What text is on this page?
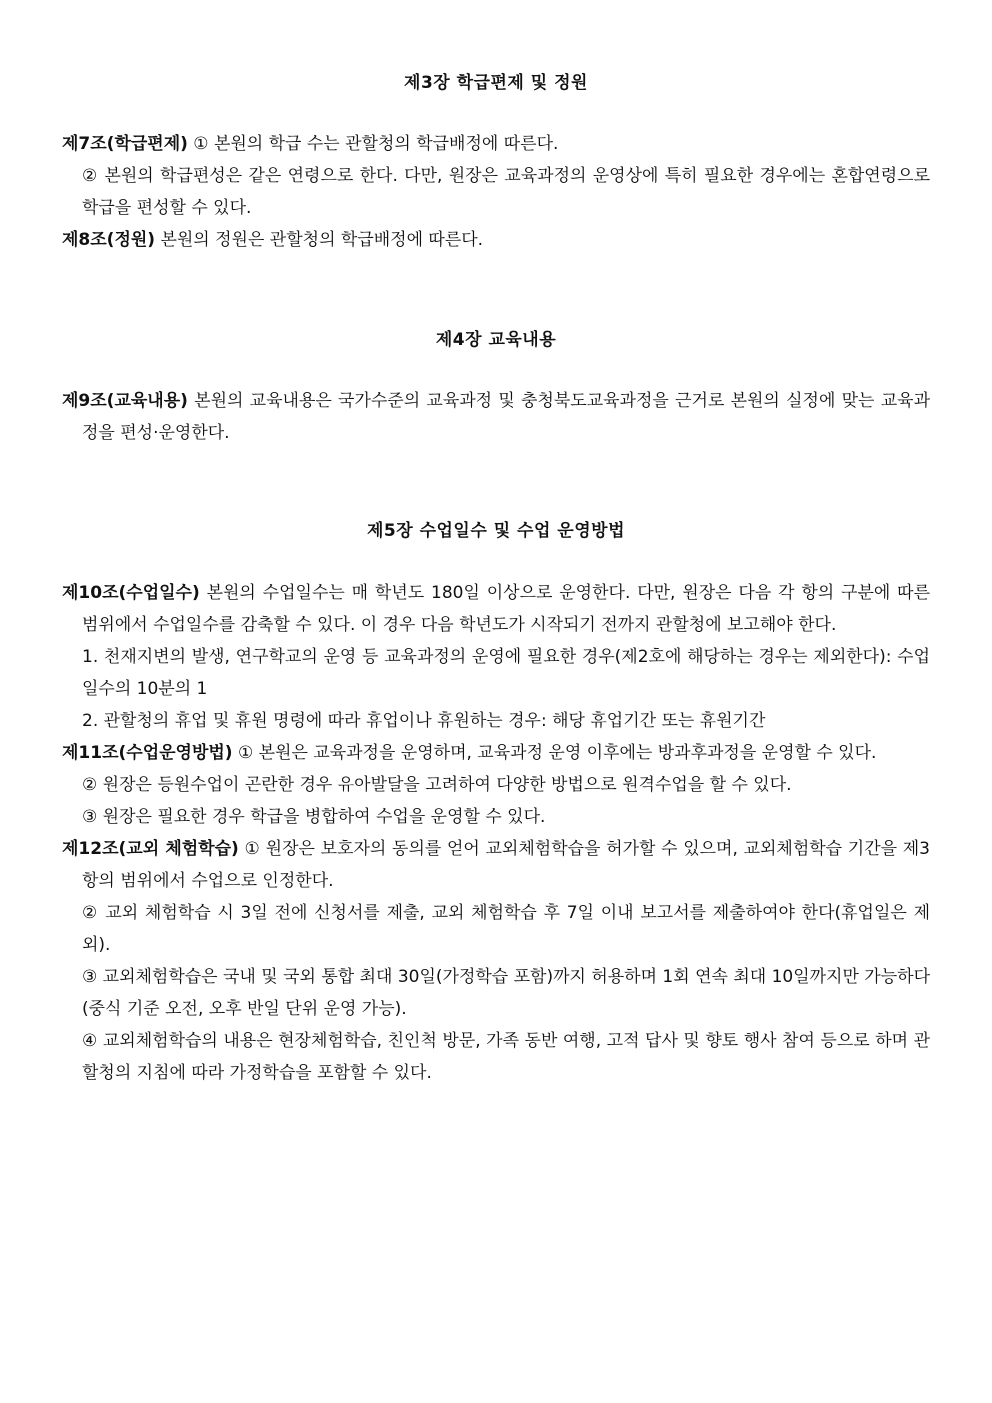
제3장 학급편제 및 정원

제7조(학급편제) ① 본원의 학급 수는 관할청의 학급배정에 따른다.

② 본원의 학급편성은 같은 연령으로 한다. 다만, 원장은 교육과정의 운영상에 특히 필요한 경우에는 혼합연령으로 학급을 편성할 수 있다.

제8조(정원) 본원의 정원은 관할청의 학급배정에 따른다.

제4장 교육내용

제9조(교육내용) 본원의 교육내용은 국가수준의 교육과정 및 충청북도교육과정을 근거로 본원의 실정에 맞는 교육과정을 편성·운영한다.

제5장 수업일수 및 수업 운영방법

제10조(수업일수) 본원의 수업일수는 매 학년도 180일 이상으로 운영한다. 다만, 원장은 다음 각 항의 구분에 따른 범위에서 수업일수를 감축할 수 있다. 이 경우 다음 학년도가 시작되기 전까지 관할청에 보고해야 한다.

1. 천재지변의 발생, 연구학교의 운영 등 교육과정의 운영에 필요한 경우(제2호에 해당하는 경우는 제외한다): 수업일수의 10분의 1

2. 관할청의 휴업 및 휴원 명령에 따라 휴업이나 휴원하는 경우: 해당 휴업기간 또는 휴원기간

제11조(수업운영방법) ① 본원은 교육과정을 운영하며, 교육과정 운영 이후에는 방과후과정을 운영할 수 있다.

② 원장은 등원수업이 곤란한 경우 유아발달을 고려하여 다양한 방법으로 원격수업을 할 수 있다.

③ 원장은 필요한 경우 학급을 병합하여 수업을 운영할 수 있다.

제12조(교외 체험학습) ① 원장은 보호자의 동의를 얻어 교외체험학습을 허가할 수 있으며, 교외체험학습 기간을 제3항의 범위에서 수업으로 인정한다.

② 교외 체험학습 시 3일 전에 신청서를 제출, 교외 체험학습 후 7일 이내 보고서를 제출하여야 한다(휴업일은 제외).

③ 교외체험학습은 국내 및 국외 통합 최대 30일(가정학습 포함)까지 허용하며 1회 연속 최대 10일까지만 가능하다(중식 기준 오전, 오후 반일 단위 운영 가능).

④ 교외체험학습의 내용은 현장체험학습, 친인척 방문, 가족 동반 여행, 고적 답사 및 향토 행사 참여 등으로 하며 관할청의 지침에 따라 가정학습을 포함할 수 있다.
